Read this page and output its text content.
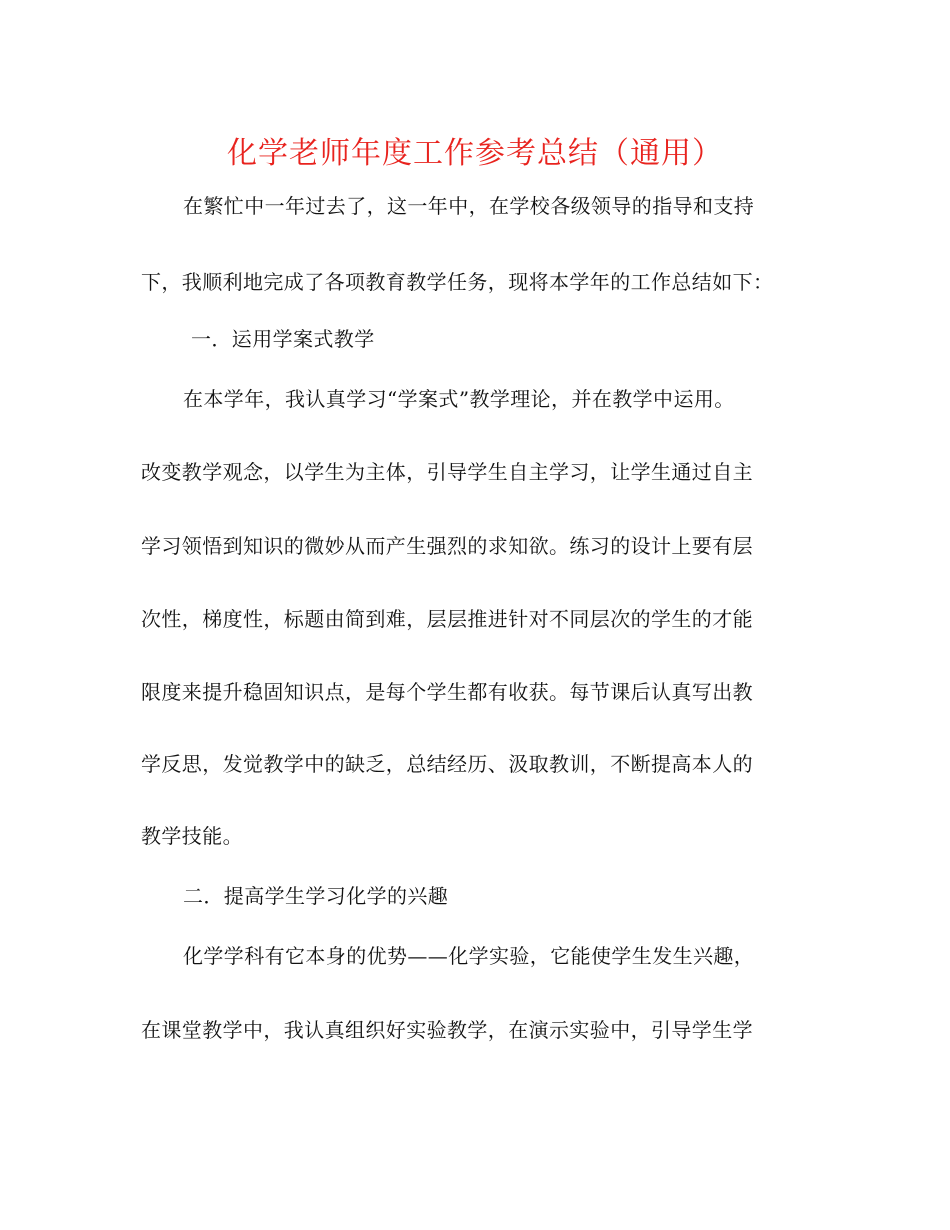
化学老师年度工作参考总结（通用）
在繁忙中一年过去了，这一年中，在学校各级领导的指导和支持
下，我顺利地完成了各项教育教学任务，现将本学年的工作总结如下：
一．运用学案式教学
在本学年，我认真学习“学案式”教学理论，并在教学中运用。
改变教学观念，以学生为主体，引导学生自主学习，让学生通过自主
学习领悟到知识的微妙从而产生强烈的求知欲。练习的设计上要有层
次性，梯度性，标题由简到难，层层推进针对不同层次的学生的才能
限度来提升稳固知识点，是每个学生都有收获。每节课后认真写出教
学反思，发觉教学中的缺乏，总结经历、汲取教训，不断提高本人的
教学技能。
二．提高学生学习化学的兴趣
化学学科有它本身的优势——化学实验，它能使学生发生兴趣，
在课堂教学中，我认真组织好实验教学，在演示实验中，引导学生学
